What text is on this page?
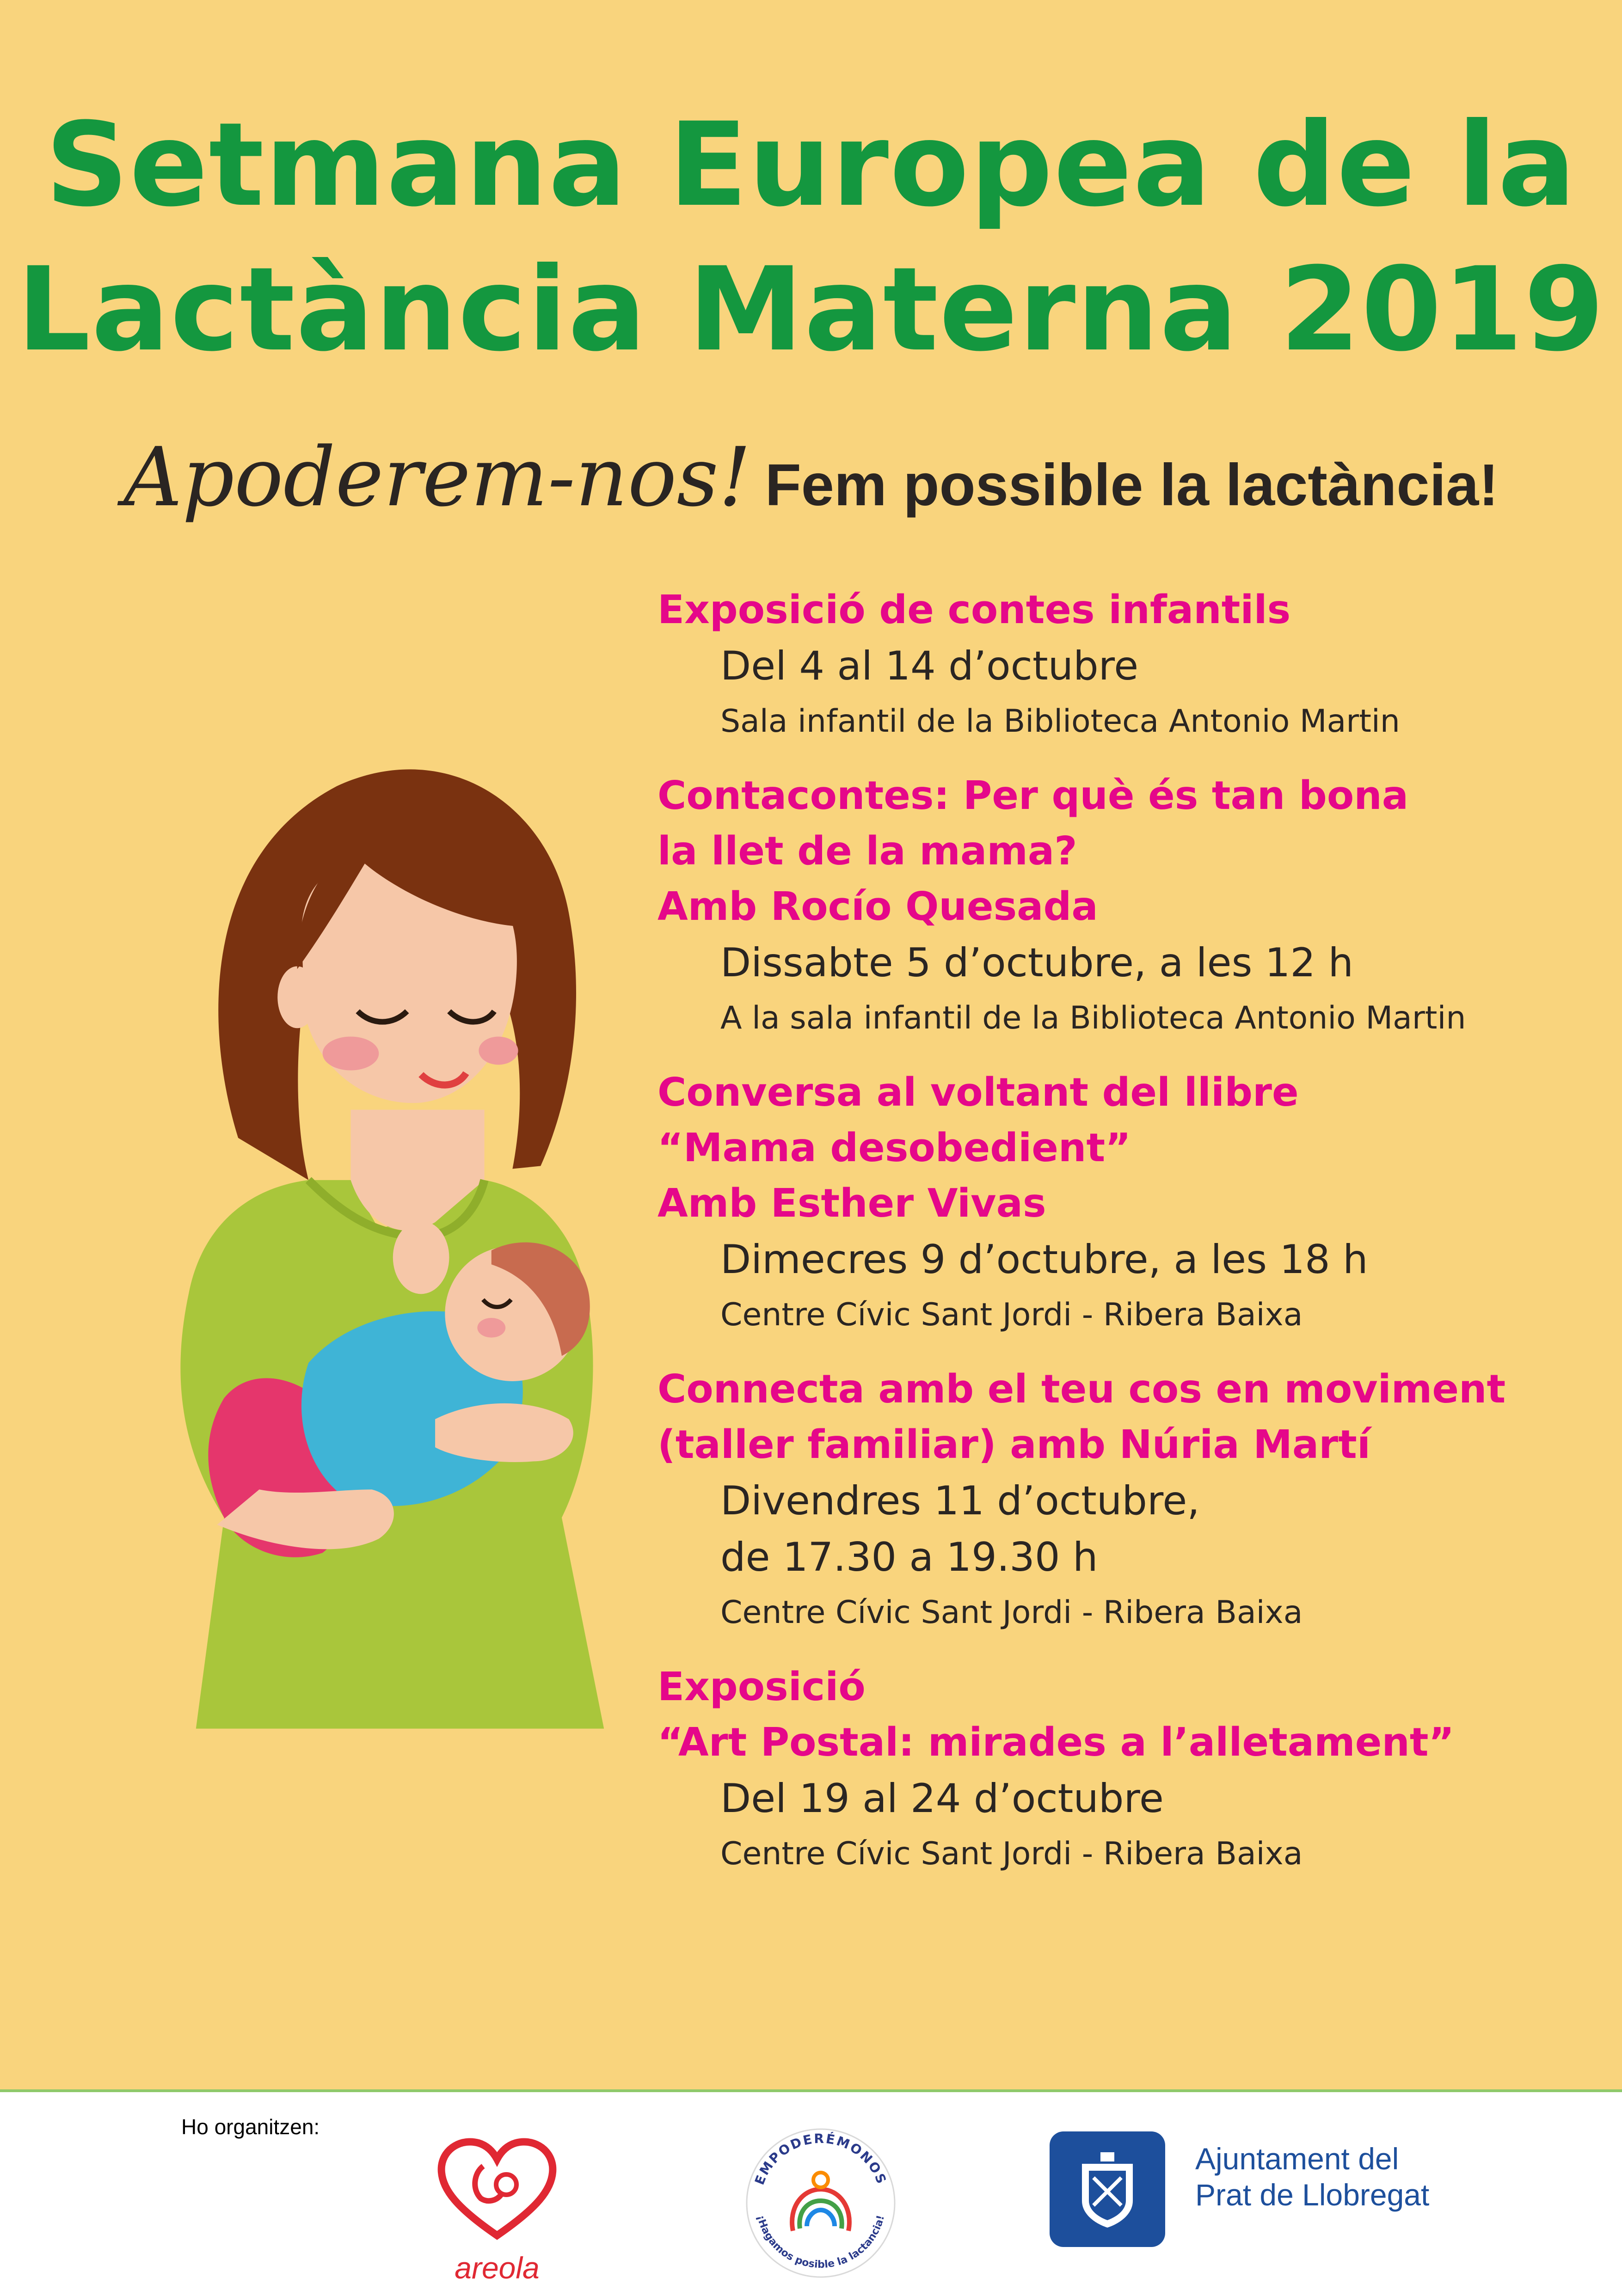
Setmana Europea de la
Lactància Materna 2019
Apoderem-nos! Fem possible la lactància!
Exposició de contes infantils
Del 4 al 14 d’octubre
Sala infantil de la Biblioteca Antonio Martin
Contacontes: Per què és tan bona
la llet de la mama?
Amb Rocío Quesada
Dissabte 5 d’octubre, a les 12 h
A la sala infantil de la Biblioteca Antonio Martin
Conversa al voltant del llibre
“Mama desobedient”
Amb Esther Vivas
Dimecres 9 d’octubre, a les 18 h
Centre Cívic Sant Jordi - Ribera Baixa
Connecta amb el teu cos en moviment
(taller familiar) amb Núria Martí
Divendres 11 d’octubre,
de 17.30 a 19.30 h
Centre Cívic Sant Jordi - Ribera Baixa
Exposició
“Art Postal: mirades a l’alletament”
Del 19 al 24 d’octubre
Centre Cívic Sant Jordi - Ribera Baixa
Ho organitzen:
areola
EMPODERÉMONOS
¡Hagamos posible la lactancia!
Ajuntament del
Prat de Llobregat
